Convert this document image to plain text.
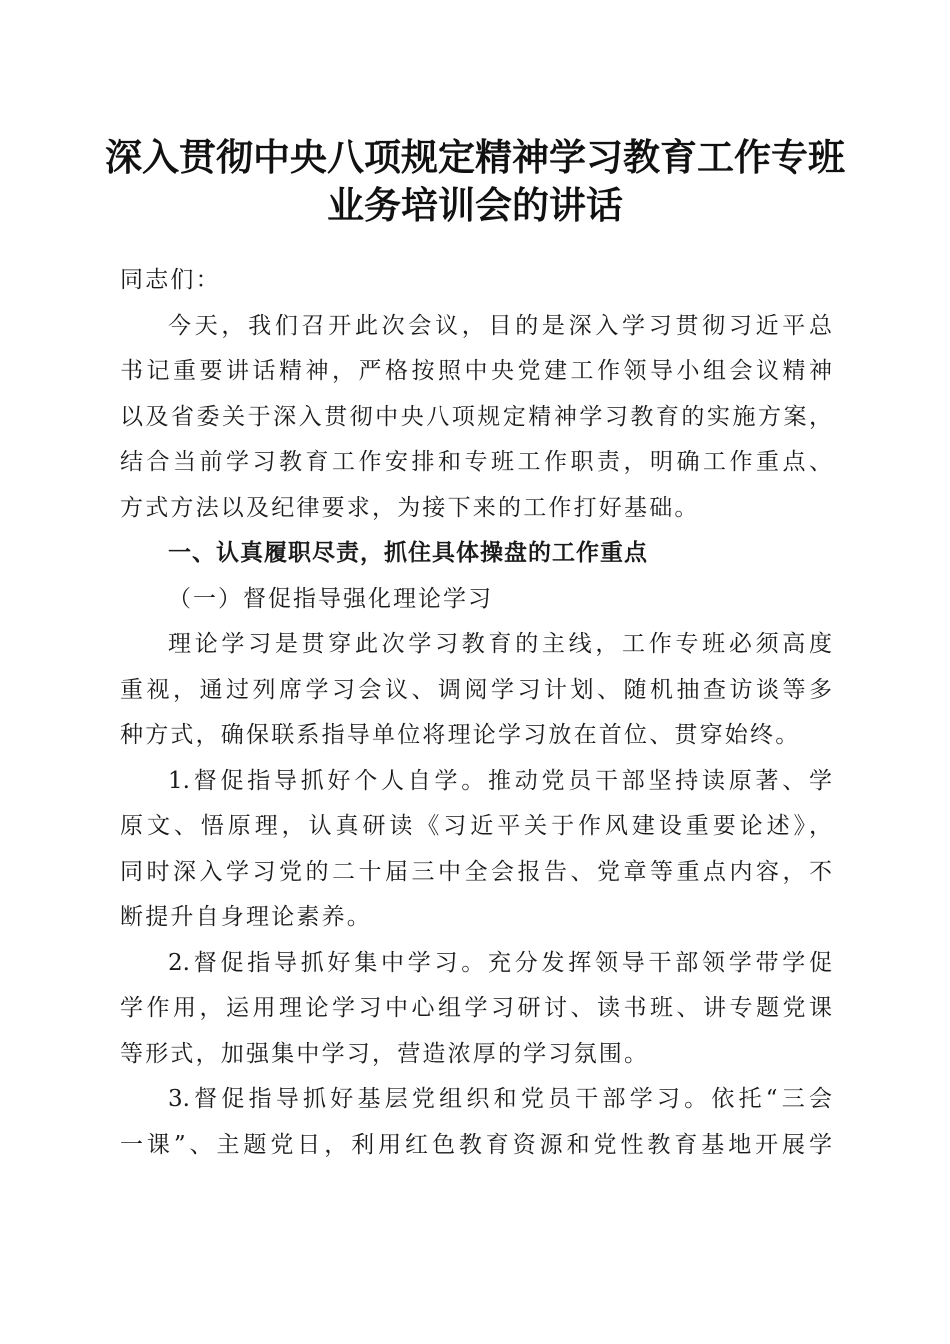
深入贯彻中央八项规定精神学习教育工作专班
业务培训会的讲话
同志们：
今天，我们召开此次会议，目的是深入学习贯彻习近平总
书记重要讲话精神，严格按照中央党建工作领导小组会议精神
以及省委关于深入贯彻中央八项规定精神学习教育的实施方案，
结合当前学习教育工作安排和专班工作职责，明确工作重点、
方式方法以及纪律要求，为接下来的工作打好基础。
一、认真履职尽责，抓住具体操盘的工作重点
（一）督促指导强化理论学习
理论学习是贯穿此次学习教育的主线，工作专班必须高度
重视，通过列席学习会议、调阅学习计划、随机抽查访谈等多
种方式，确保联系指导单位将理论学习放在首位、贯穿始终。
1.督促指导抓好个人自学。推动党员干部坚持读原著、学
原文、悟原理，认真研读《习近平关于作风建设重要论述》，
同时深入学习党的二十届三中全会报告、党章等重点内容，不
断提升自身理论素养。
2.督促指导抓好集中学习。充分发挥领导干部领学带学促
学作用，运用理论学习中心组学习研讨、读书班、讲专题党课
等形式，加强集中学习，营造浓厚的学习氛围。
3.督促指导抓好基层党组织和党员干部学习。依托“三会
一课”、主题党日，利用红色教育资源和党性教育基地开展学
